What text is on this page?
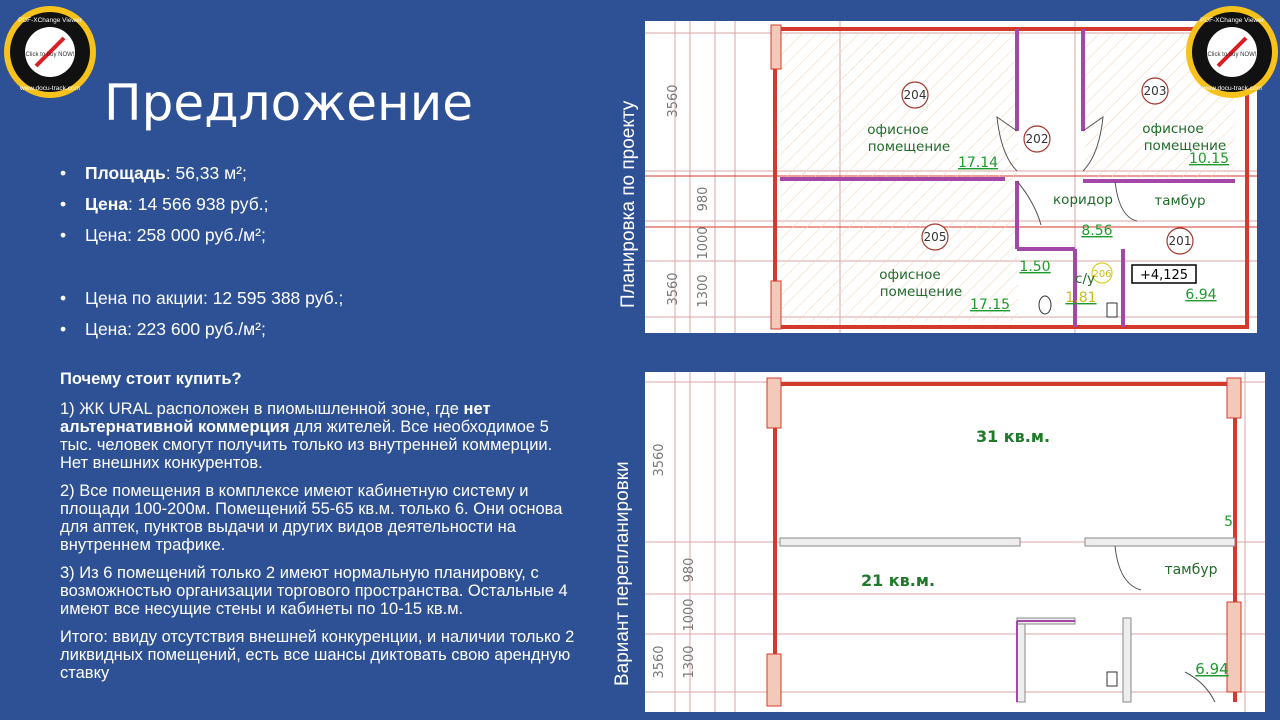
Предложение
• Площадь: 56,33 м²;
• Цена: 14 566 938 руб.;
• Цена: 258 000 руб./м²;
• Цена по акции: 12 595 388 руб.;
• Цена: 223 600 руб./м²;
Почему стоит купить?

1) ЖК URAL расположен в пиомышленной зоне, где нет альтернативной коммерция для жителей. Все необходимое 5 тыс. человек смогут получить только из внутренней коммерции. Нет внешних конкурентов.

2) Все помещения в комплексе имеют кабинетную систему и площади 100-200м. Помещений 55-65 кв.м. только 6. Они основа для аптек, пунктов выдачи и других видов деятельности на внутреннем трафике.

3) Из 6 помещений только 2 имеют нормальную планировку, с возможностью организации торгового пространства. Остальные 4 имеют все несущие стены и кабинеты по 10-15 кв.м.

Итого: ввиду отсутствия внешней конкуренции, и наличии только 2 ликвидных помещений, есть все шансы диктовать свою арендную ставку

Планировка по проекту
Вариант перепланировки
204	203
202
205	201
206
офисное
помещение
офисное
помещение
офисное
помещение
тамбур
коридор
с/у
17.14	10.15
17.15
6.94
8.56
1.50
1.81
+4,125
3560
3560 1300
1000
980
31 кв.м.
21 кв.м.
тамбур
6.94
5
3560
3560 1300
1000
980
PDF-XChange Viewer
Click to buy NOW!
www.docu-track.com
PDF-XChange Viewer
Click to buy NOW!
www.docu-track.com
